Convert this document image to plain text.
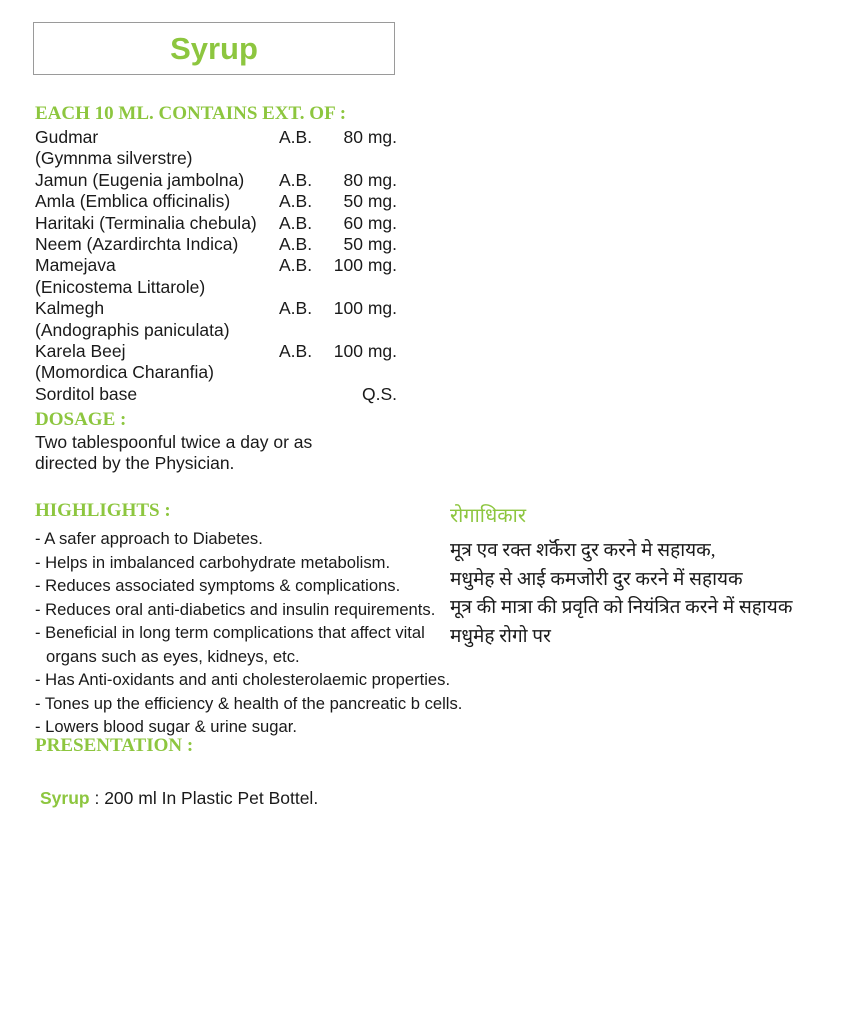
Syrup
EACH 10 ML. CONTAINS EXT. OF :
Gudmar	A.B.	80 mg.
(Gymnma silverstre)
Jamun (Eugenia jambolna)	A.B.	80 mg.
Amla (Emblica officinalis)	A.B.	50 mg.
Haritaki (Terminalia chebula)	A.B.	60 mg.
Neem (Azardirchta Indica)	A.B.	50 mg.
Mamejava	A.B.	100 mg.
(Enicostema Littarole)
Kalmegh	A.B.	100 mg.
(Andographis paniculata)
Karela Beej	A.B.	100 mg.
(Momordica Charanfia)
Sorditol base	Q.S.
DOSAGE :
Two tablespoonful twice a day or as
directed by the Physician.
HIGHLIGHTS :
- A safer approach to Diabetes.
- Helps in imbalanced carbohydrate metabolism.
- Reduces associated symptoms & complications.
- Reduces oral anti-diabetics and insulin requirements.
- Beneficial in long term complications that affect vital
organs such as eyes, kidneys, etc.
- Has Anti-oxidants and anti cholesterolaemic properties.
- Tones up the efficiency & health of the pancreatic b cells.
- Lowers blood sugar & urine sugar.
रोगाधिकार
मूत्र एव रक्त शर्कॅरा दुर करने मे सहायक,
मधुमेह से आई कमजोरी दुर करने में सहायक
मूत्र की मात्रा की प्रवृति को नियंत्रित करने में सहायक
मधुमेह रोगो पर
PRESENTATION :
Syrup : 200 ml In Plastic Pet Bottel.
